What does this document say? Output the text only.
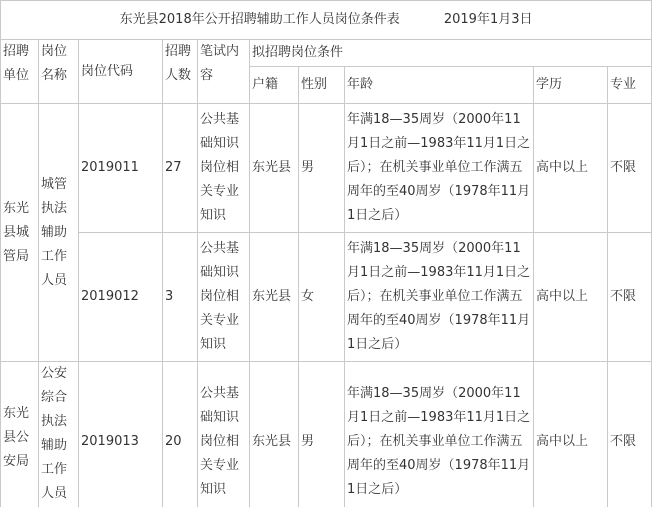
东光县2018年公开招聘辅助工作人员岗位条件表 2019年1月3日									
招聘单位	岗位名称	岗位代码	招聘人数	笔试内容	拟招聘岗位条件				
					户籍	性别	年龄	学历	专业
东光县城管局	城管执法辅助工作人员	2019011	27	公共基础知识岗位相关专业知识	东光县	男	年满18—35周岁（2000年11月1日之前—1983年11月1日之后）；在机关事业单位工作满五周年的至40周岁（1978年11月1日之后）	高中以上	不限
		2019012	3	公共基础知识岗位相关专业知识	东光县	女	年满18—35周岁（2000年11月1日之前—1983年11月1日之后）；在机关事业单位工作满五周年的至40周岁（1978年11月1日之后）	高中以上	不限
东光县公安局	公安综合执法辅助工作人员	2019013	20	公共基础知识岗位相关专业知识	东光县	男	年满18—35周岁（2000年11月1日之前—1983年11月1日之后）；在机关事业单位工作满五周年的至40周岁（1978年11月1日之后）	高中以上	不限
